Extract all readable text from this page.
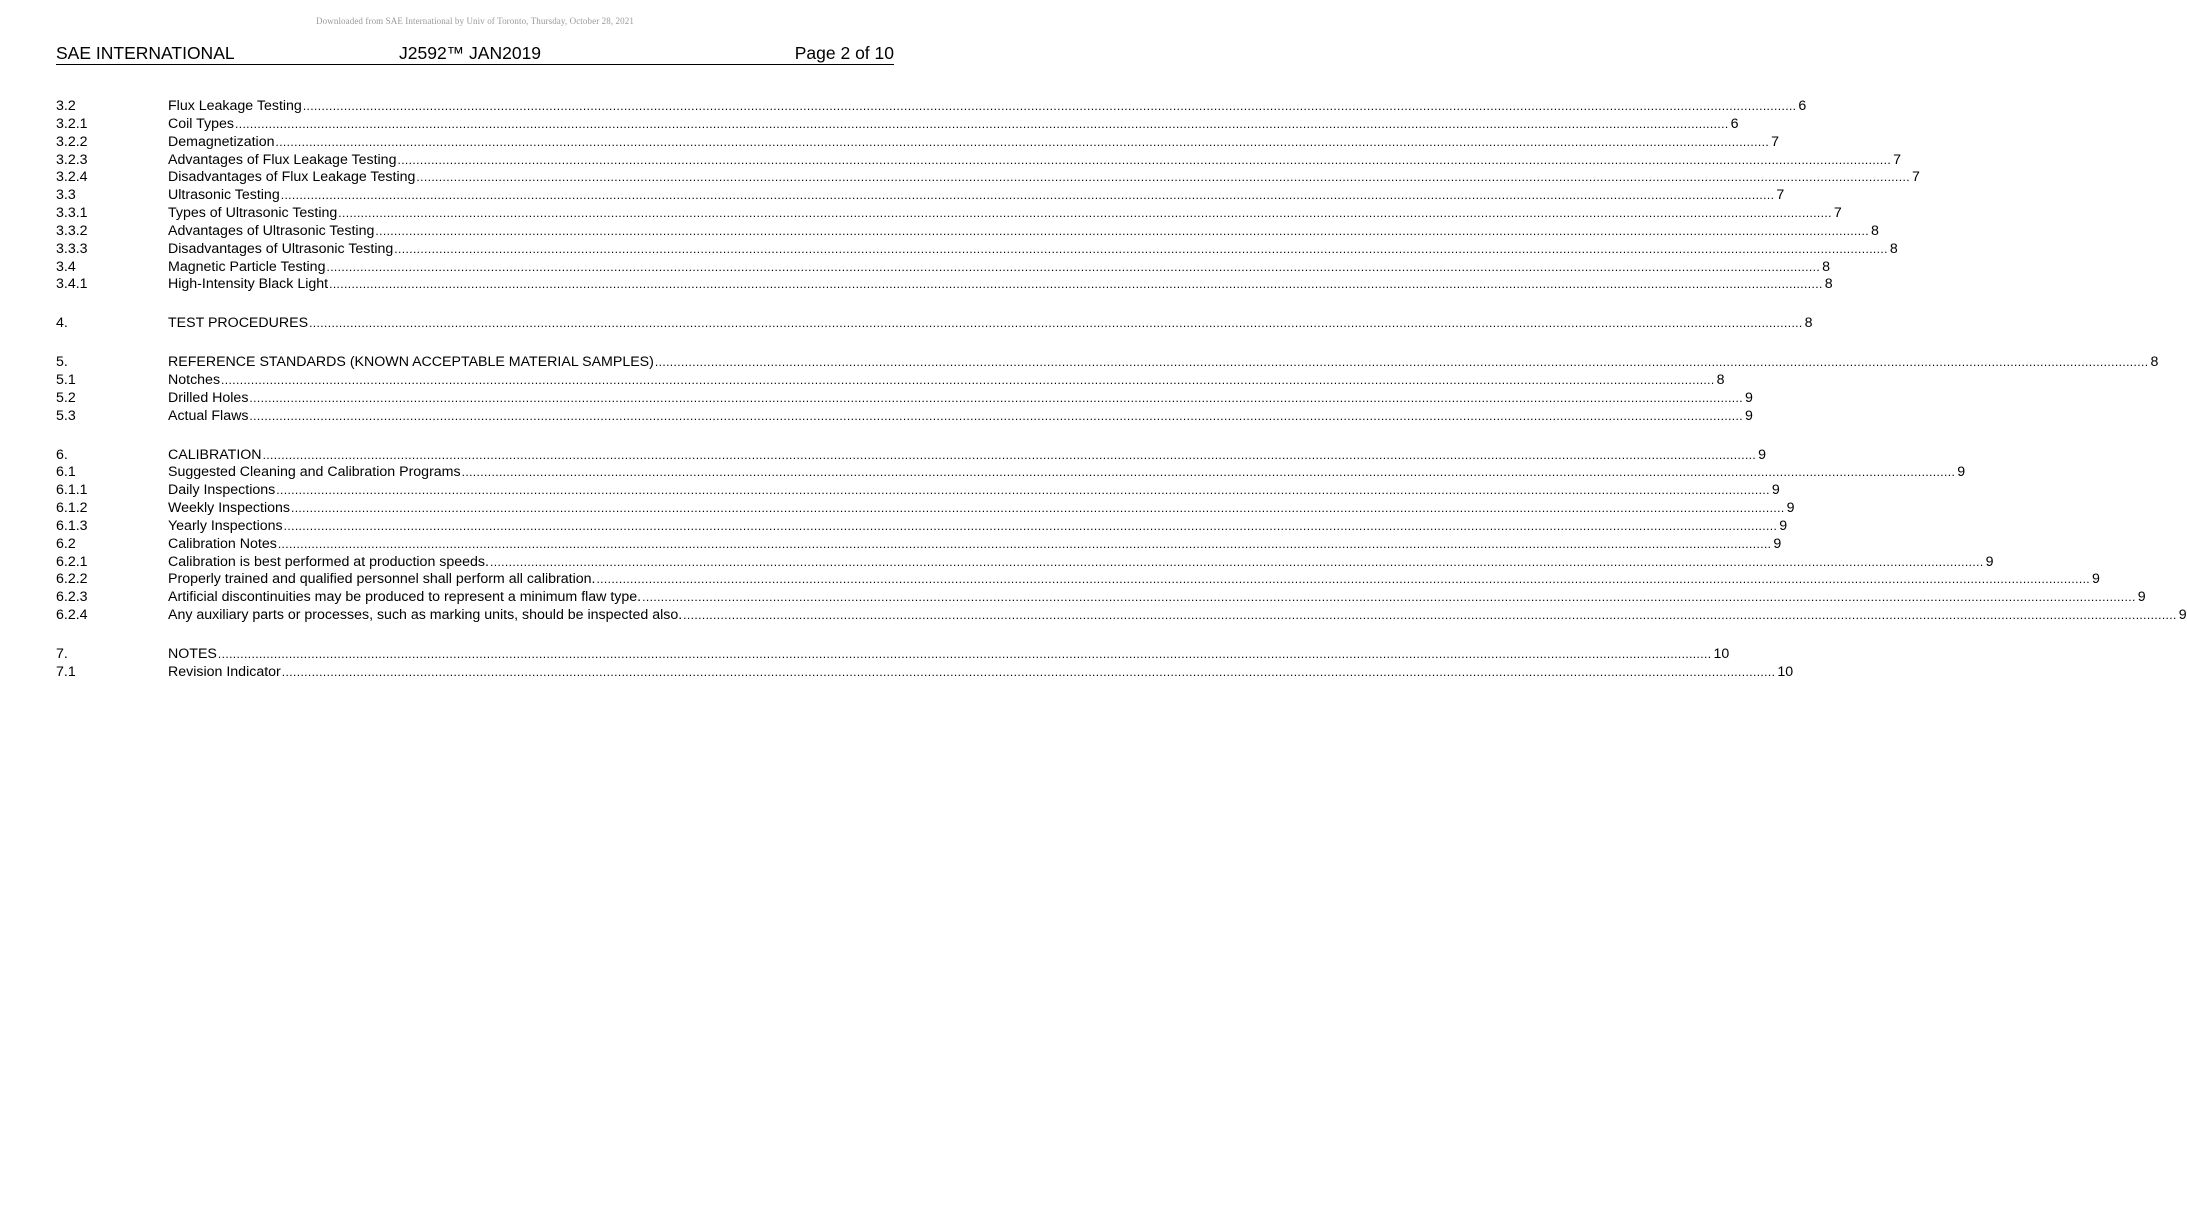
Downloaded from SAE International by Univ of Toronto, Thursday, October 28, 2021
SAE INTERNATIONAL	J2592™ JAN2019	Page 2 of 10
3.2	Flux Leakage Testing ................................................................................................................................................................................................................................................................................................................................................................................................................ 6
3.2.1	Coil Types ................................................................................................................................................................................................................................................................................................................................................................................................................ 6
3.2.2	Demagnetization ................................................................................................................................................................................................................................................................................................................................................................................................................ 7
3.2.3	Advantages of Flux Leakage Testing ................................................................................................................................................................................................................................................................................................................................................................................................................ 7
3.2.4	Disadvantages of Flux Leakage Testing ................................................................................................................................................................................................................................................................................................................................................................................................................ 7
3.3	Ultrasonic Testing ................................................................................................................................................................................................................................................................................................................................................................................................................ 7
3.3.1	Types of Ultrasonic Testing ................................................................................................................................................................................................................................................................................................................................................................................................................ 7
3.3.2	Advantages of Ultrasonic Testing ................................................................................................................................................................................................................................................................................................................................................................................................................ 8
3.3.3	Disadvantages of Ultrasonic Testing ................................................................................................................................................................................................................................................................................................................................................................................................................ 8
3.4	Magnetic Particle Testing ................................................................................................................................................................................................................................................................................................................................................................................................................ 8
3.4.1	High-Intensity Black Light ................................................................................................................................................................................................................................................................................................................................................................................................................ 8
4.	TEST PROCEDURES ................................................................................................................................................................................................................................................................................................................................................................................................................ 8
5.	REFERENCE STANDARDS (KNOWN ACCEPTABLE MATERIAL SAMPLES) ................................................................................................................................................................................................................................................................................................................................................................................................................ 8
5.1	Notches ................................................................................................................................................................................................................................................................................................................................................................................................................ 8
5.2	Drilled Holes ................................................................................................................................................................................................................................................................................................................................................................................................................ 9
5.3	Actual Flaws ................................................................................................................................................................................................................................................................................................................................................................................................................ 9
6.	CALIBRATION ................................................................................................................................................................................................................................................................................................................................................................................................................ 9
6.1	Suggested Cleaning and Calibration Programs ................................................................................................................................................................................................................................................................................................................................................................................................................ 9
6.1.1	Daily Inspections ................................................................................................................................................................................................................................................................................................................................................................................................................ 9
6.1.2	Weekly Inspections ................................................................................................................................................................................................................................................................................................................................................................................................................ 9
6.1.3	Yearly Inspections ................................................................................................................................................................................................................................................................................................................................................................................................................ 9
6.2	Calibration Notes ................................................................................................................................................................................................................................................................................................................................................................................................................ 9
6.2.1	Calibration is best performed at production speeds. ................................................................................................................................................................................................................................................................................................................................................................................................................ 9
6.2.2	Properly trained and qualified personnel shall perform all calibration. ................................................................................................................................................................................................................................................................................................................................................................................................................ 9
6.2.3	Artificial discontinuities may be produced to represent a minimum flaw type. ................................................................................................................................................................................................................................................................................................................................................................................................................ 9
6.2.4	Any auxiliary parts or processes, such as marking units, should be inspected also. ................................................................................................................................................................................................................................................................................................................................................................................................................ 9
7.	NOTES ................................................................................................................................................................................................................................................................................................................................................................................................................ 10
7.1	Revision Indicator ................................................................................................................................................................................................................................................................................................................................................................................................................ 10
